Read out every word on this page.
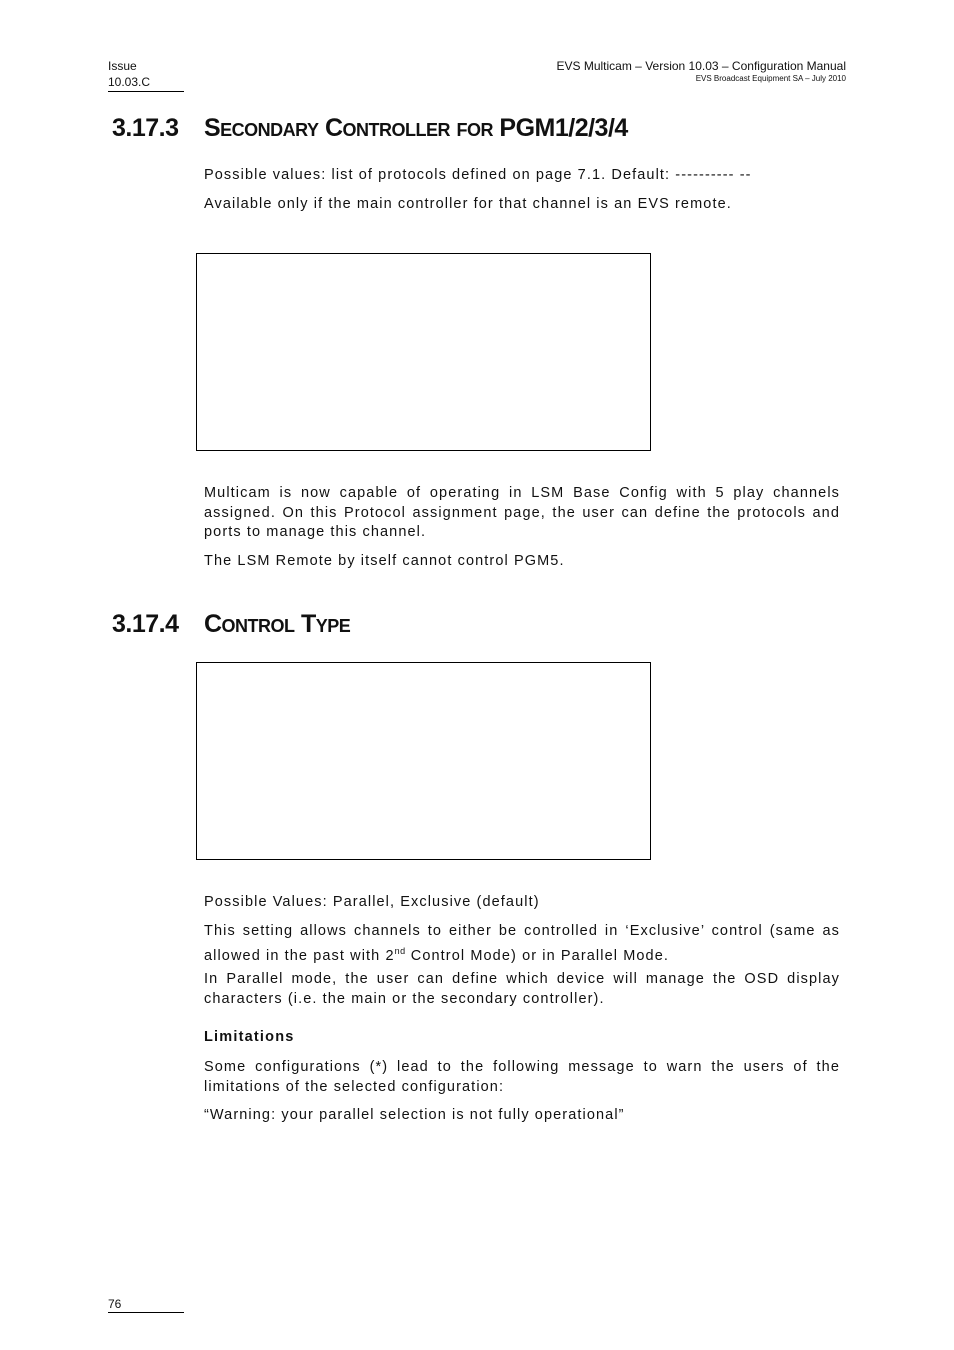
Issue
10.03.C
EVS Multicam – Version 10.03 – Configuration Manual
EVS Broadcast Equipment SA – July 2010
3.17.3 Secondary Controller for PGM1/2/3/4

Possible values: list of protocols defined on page 7.1. Default: ---------- --

Available only if the main controller for that channel is an EVS remote.

Multicam is now capable of operating in LSM Base Config with 5 play channels assigned. On this Protocol assignment page, the user can define the protocols and ports to manage this channel.

The LSM Remote by itself cannot control PGM5.

3.17.4 Control Type

Possible Values: Parallel, Exclusive (default)

This setting allows channels to either be controlled in ‘Exclusive’ control (same as allowed in the past with 2nd Control Mode) or in Parallel Mode.

In Parallel mode, the user can define which device will manage the OSD display characters (i.e. the main or the secondary controller).

Limitations

Some configurations (*) lead to the following message to warn the users of the limitations of the selected configuration:

“Warning: your parallel selection is not fully operational”

76
